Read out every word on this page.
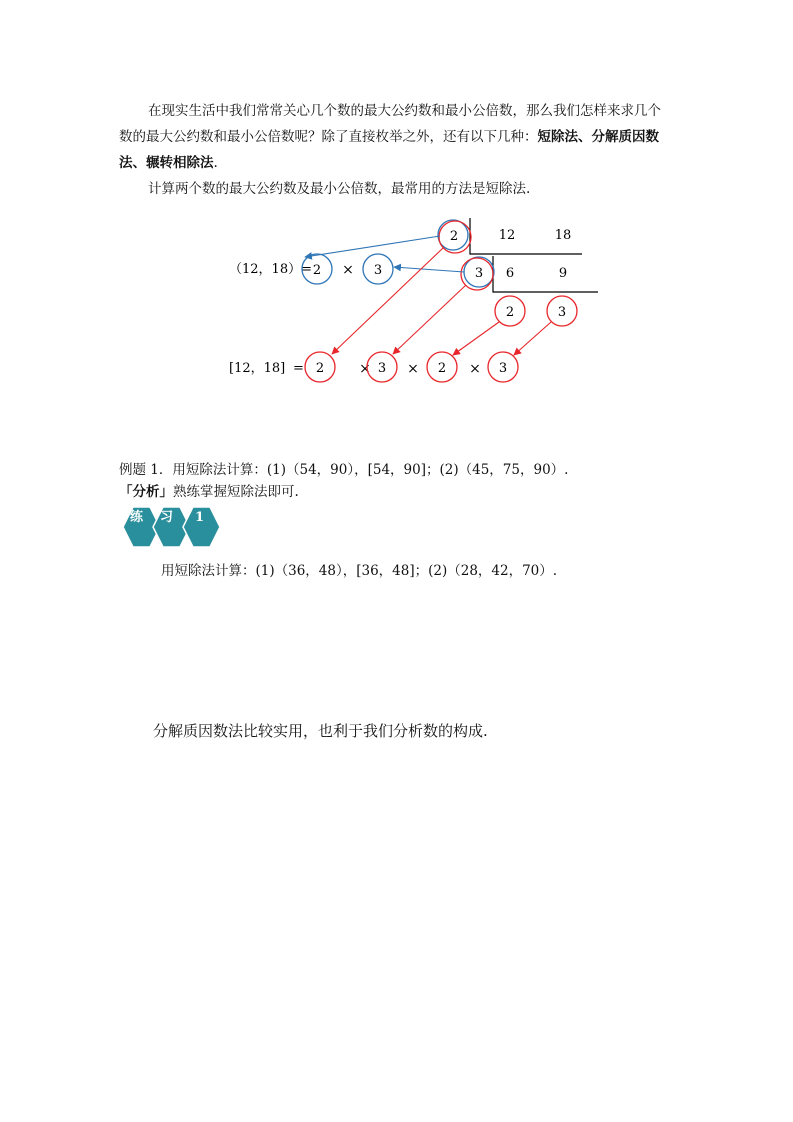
在现实生活中我们常常关心几个数的最大公约数和最小公倍数，那么我们怎样来求几个
数的最大公约数和最小公倍数呢？除了直接枚举之外，还有以下几种：短除法、分解质因数
法、辗转相除法.
计算两个数的最大公约数及最小公倍数，最常用的方法是短除法.
12	18
6	9
2
3
2	3
（12，18）= 2 × 3
[12，18] = 2 × 3 × 2 × 3
例题 1．用短除法计算：(1)（54，90），[54，90]；(2)（45，75，90）.
「分析」熟练掌握短除法即可.
练 习 1
用短除法计算：(1)（36，48），[36，48]；(2)（28，42，70）.
分解质因数法比较实用，也利于我们分析数的构成.
